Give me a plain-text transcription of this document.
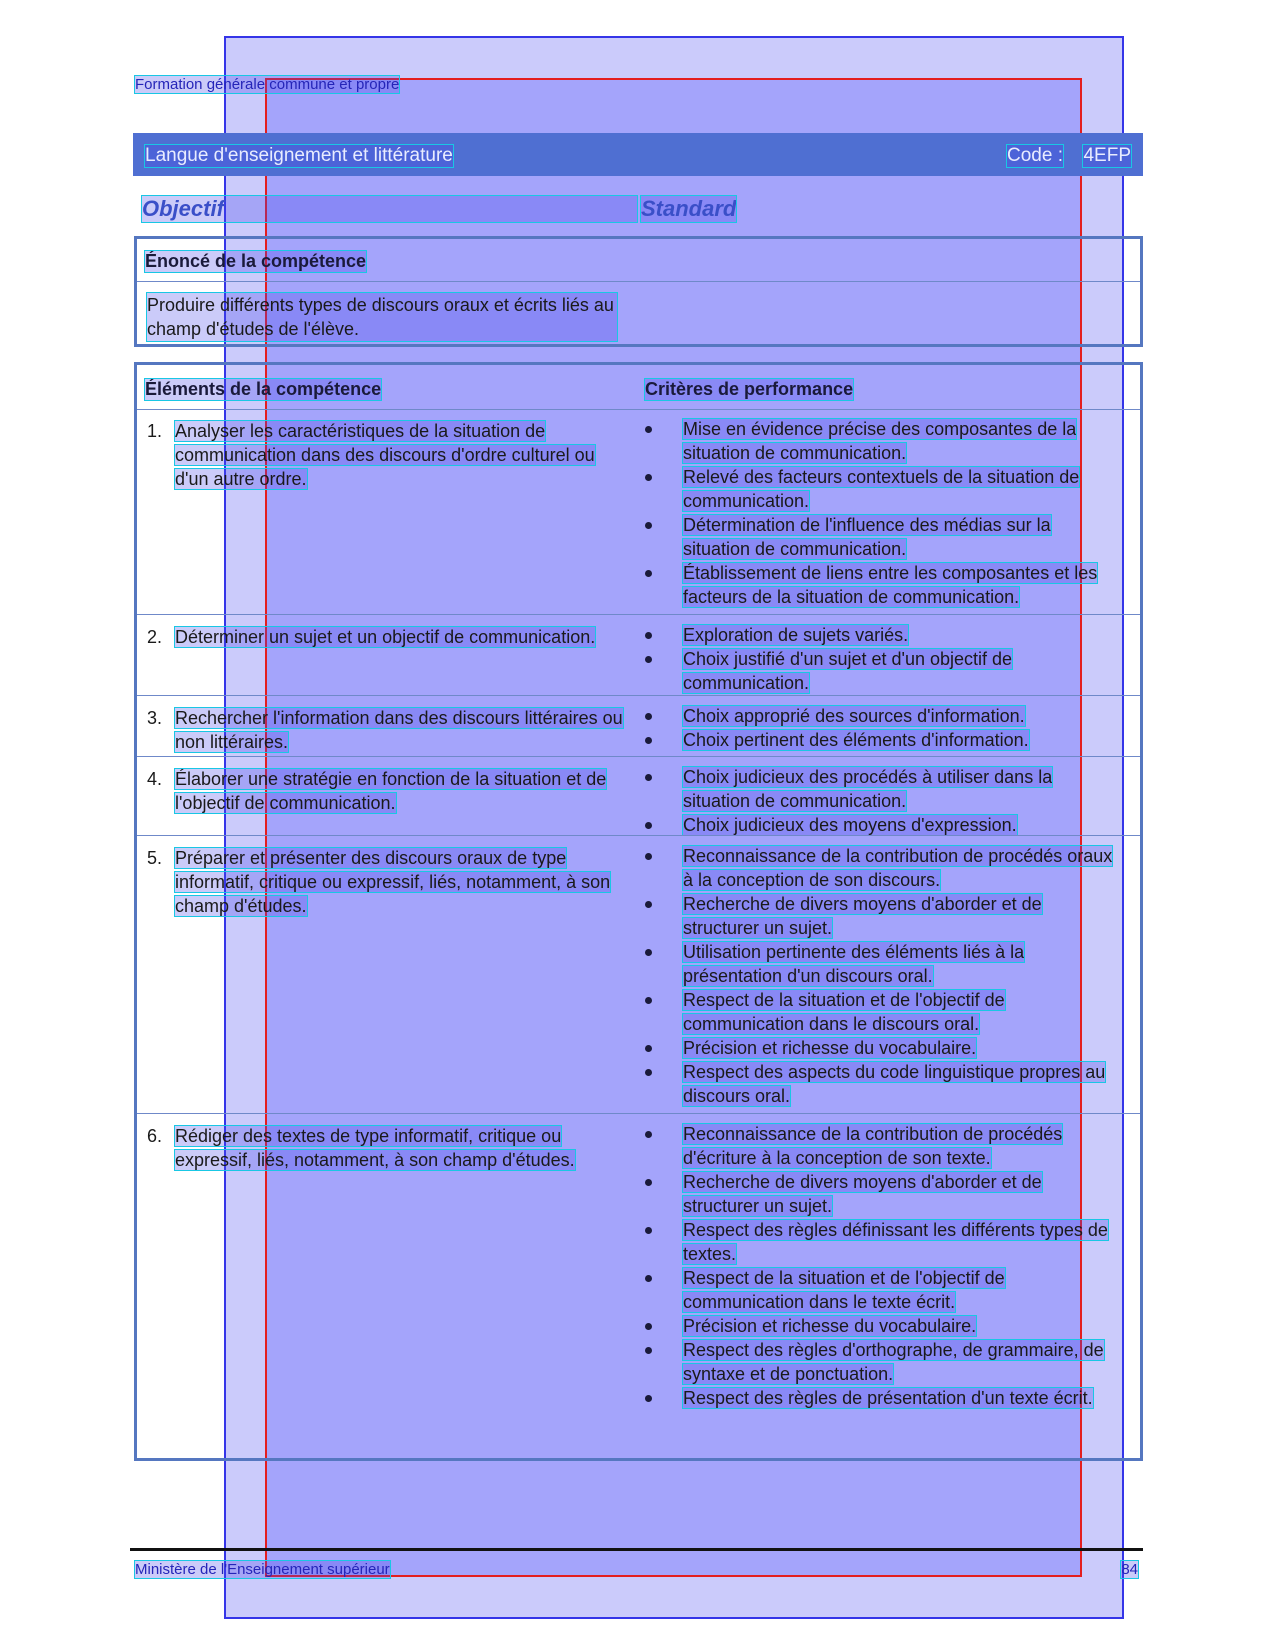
Formation générale commune et propre
Langue d'enseignement et littérature	Code : 4EFP
Objectif	Standard
Énoncé de la compétence
Produire différents types de discours oraux et écrits liés au champ d'études de l'élève.
Éléments de la compétence	Critères de performance
1. Analyser les caractéristiques de la situation de communication dans des discours d'ordre culturel ou d'un autre ordre.
Mise en évidence précise des composantes de la situation de communication.
Relevé des facteurs contextuels de la situation de communication.
Détermination de l'influence des médias sur la situation de communication.
Établissement de liens entre les composantes et les facteurs de la situation de communication.
2. Déterminer un sujet et un objectif de communication.	Exploration de sujets variés.
Choix justifié d'un sujet et d'un objectif de communication.
3. Rechercher l'information dans des discours littéraires ou non littéraires.
Choix approprié des sources d'information.
Choix pertinent des éléments d'information.
4. Élaborer une stratégie en fonction de la situation et de l'objectif de communication.
Choix judicieux des procédés à utiliser dans la situation de communication.
Choix judicieux des moyens d'expression.
5. Préparer et présenter des discours oraux de type informatif, critique ou expressif, liés, notamment, à son champ d'études.
Reconnaissance de la contribution de procédés oraux à la conception de son discours.
Recherche de divers moyens d'aborder et de structurer un sujet.
Utilisation pertinente des éléments liés à la présentation d'un discours oral.
Respect de la situation et de l'objectif de communication dans le discours oral.
Précision et richesse du vocabulaire.
Respect des aspects du code linguistique propres au discours oral.
6. Rédiger des textes de type informatif, critique ou expressif, liés, notamment, à son champ d'études.
Reconnaissance de la contribution de procédés d'écriture à la conception de son texte.
Recherche de divers moyens d'aborder et de structurer un sujet.
Respect des règles définissant les différents types de textes.
Respect de la situation et de l'objectif de communication dans le texte écrit.
Précision et richesse du vocabulaire.
Respect des règles d'orthographe, de grammaire, de syntaxe et de ponctuation.
Respect des règles de présentation d'un texte écrit.
Ministère de l'Enseignement supérieur	84
